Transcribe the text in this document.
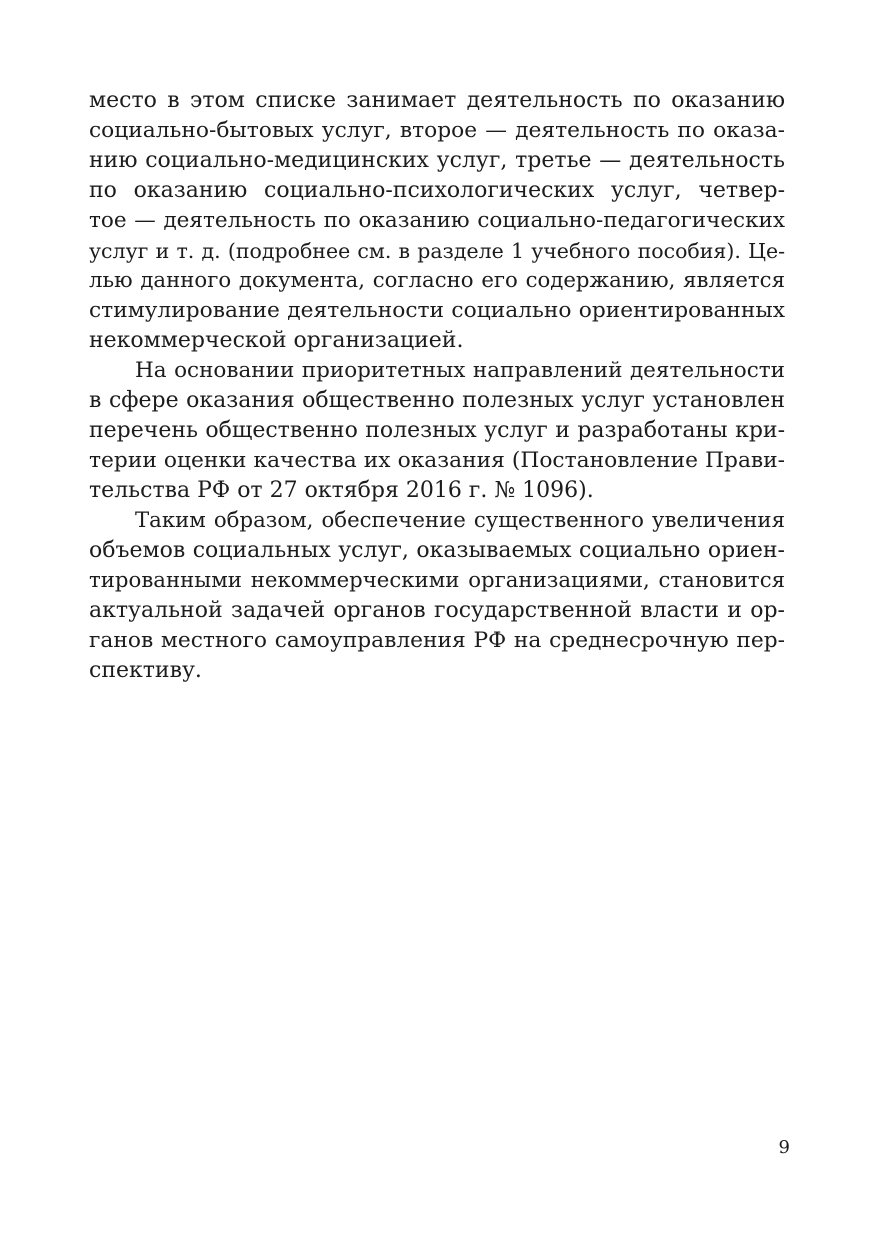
место в этом списке занимает деятельность по оказанию
социально-бытовых услуг, второе — деятельность по оказа-
нию социально-медицинских услуг, третье — деятельность
по оказанию социально-психологических услуг, четвер-
тое — деятельность по оказанию социально-педагогических
услуг и т. д. (подробнее см. в разделе 1 учебного пособия). Це-
лью данного документа, согласно его содержанию, является
стимулирование деятельности социально ориентированных
некоммерческой организацией.
На основании приоритетных направлений деятельности
в сфере оказания общественно полезных услуг установлен
перечень общественно полезных услуг и разработаны кри-
терии оценки качества их оказания (Постановление Прави-
тельства РФ от 27 октября 2016 г. № 1096).
Таким образом, обеспечение существенного увеличения
объемов социальных услуг, оказываемых социально ориен-
тированными некоммерческими организациями, становится
актуальной задачей органов государственной власти и ор-
ганов местного самоуправления РФ на среднесрочную пер-
спективу.
9
